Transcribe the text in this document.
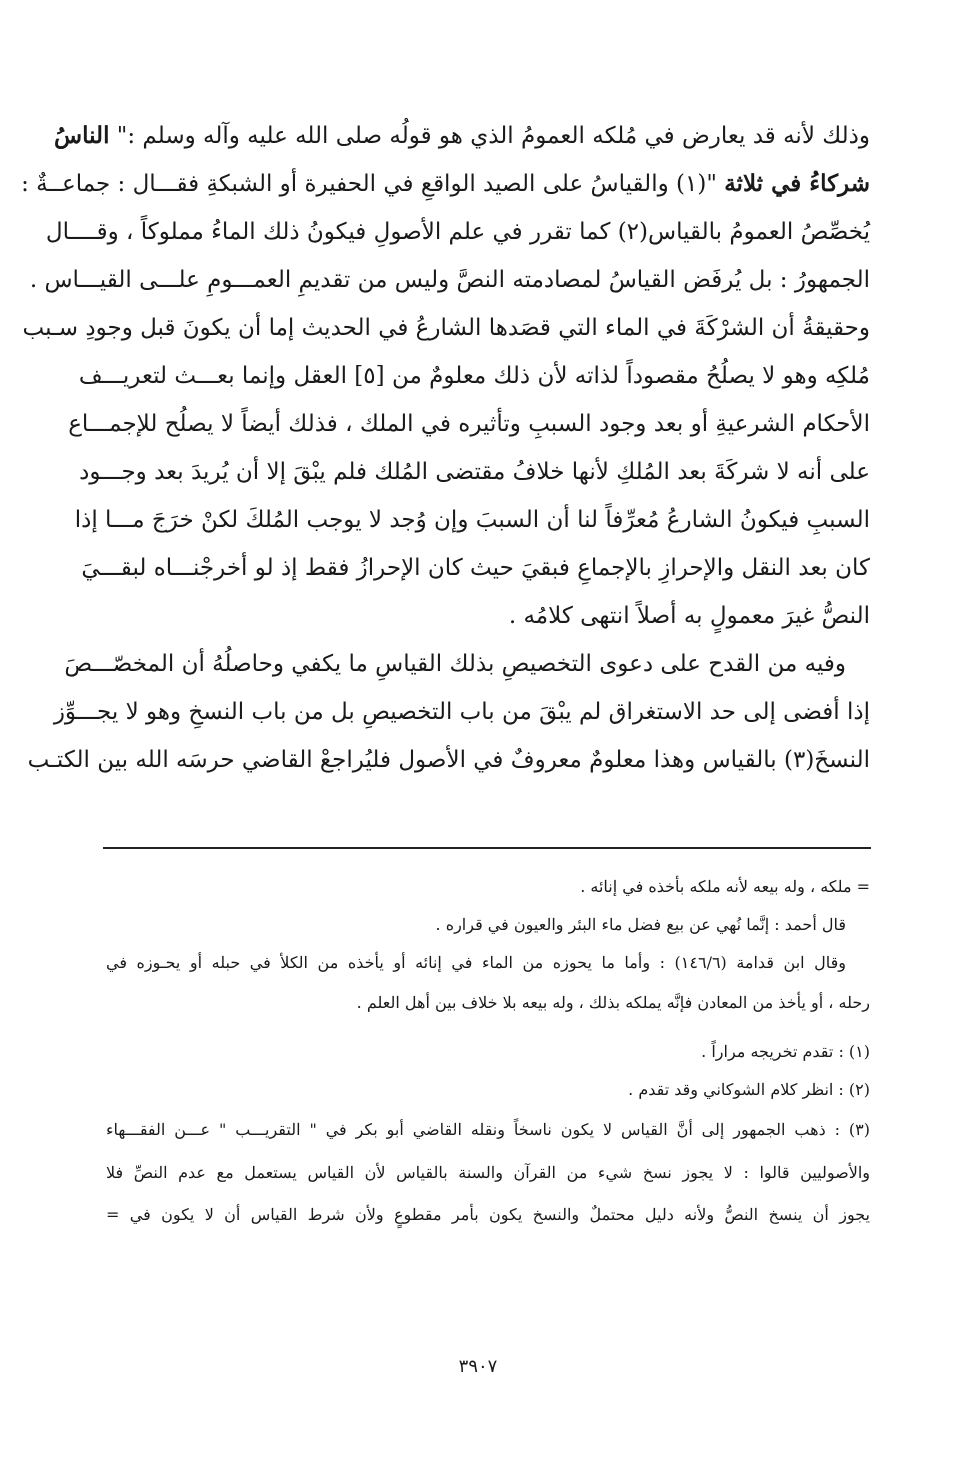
وذلك لأنه قد يعارض في مُلكه العمومُ الذي هو قولُه صلى الله عليه وآله وسلم :" الناسُ
شركاءُ في ثلاثة "(١) والقياسُ على الصيد الواقعِ في الحفيرة أو الشبكةِ فقـــال : جماعــةٌ :
يُخصِّصُ العمومُ بالقياس(٢) كما تقرر في علم الأصولِ فيكونُ ذلك الماءُ مملوكاً ، وقــــال
الجمهورُ : بل يُرفَض القياسُ لمصادمته النصَّ وليس من تقديمِ العمـــومِ علـــى القيـــاس .
وحقيقةُ أن الشرْكَةَ في الماء التي قصَدها الشارعُ في الحديث إما أن يكونَ قبل وجودِ سـبب
مُلكِه وهو لا يصلُحُ مقصوداً لذاته لأن ذلك معلومٌ من [٥] العقل وإنما بعـــث لتعريـــف
الأحكام الشرعيةِ أو بعد وجود السببِ وتأثيره في الملك ، فذلك أيضاً لا يصلُح للإجمـــاع
على أنه لا شركَةَ بعد المُلكِ لأنها خلافُ مقتضى المُلك فلم يبْقَ إلا أن يُريدَ بعد وجـــود
السببِ فيكونُ الشارعُ مُعرِّفاً لنا أن السببَ وإن وُجد لا يوجب المُلكَ لكنْ خرَجَ مـــا إذا
كان بعد النقل والإحرازِ بالإجماعِ فبقيَ حيث كان الإحرازُ فقط إذ لو أخرجْنـــاه لبقـــيَ
النصُّ غيرَ معمولٍ به أصلاً انتهى كلامُه .
وفيه من القدح على دعوى التخصيصِ بذلك القياسِ ما يكفي وحاصلُهُ أن المخصّـــصَ
إذا أفضى إلى حد الاستغراق لم يبْقَ من باب التخصيصِ بل من باب النسخِ وهو لا يجـــوِّز
النسخَ(٣) بالقياس وهذا معلومٌ معروفٌ في الأصول فليُراجعْ القاضي حرسَه الله بين الكتـب
= ملكه ، وله بيعه لأنه ملكه بأخذه في إنائه .
قال أحمد : إنَّما نُهي عن بيع فضل ماء البئر والعيون في قراره .
وقال ابن قدامة (١٤٦/٦) : وأما ما يحوزه من الماء في إنائه أو يأخذه من الكلأ في حبله أو يحـوزه في
رحله ، أو يأخذ من المعادن فإنَّه يملكه بذلك ، وله بيعه بلا خلاف بين أهل العلم .
(١) : تقدم تخريجه مراراً .
(٢) : انظر كلام الشوكاني وقد تقدم .
(٣) : ذهب الجمهور إلى أنَّ القياس لا يكون ناسخاً ونقله القاضي أبو بكر في " التقريـــب " عـــن الفقـــهاء
والأصوليين قالوا : لا يجوز نسخ شيء من القرآن والسنة بالقياس لأن القياس يستعمل مع عدم النصِّ فلا
يجوز أن ينسخ النصُّ ولأنه دليل محتملٌ والنسخ يكون بأمر مقطوعٍ ولأن شرط القياس أن لا يكون في =
٣٩٠٧
